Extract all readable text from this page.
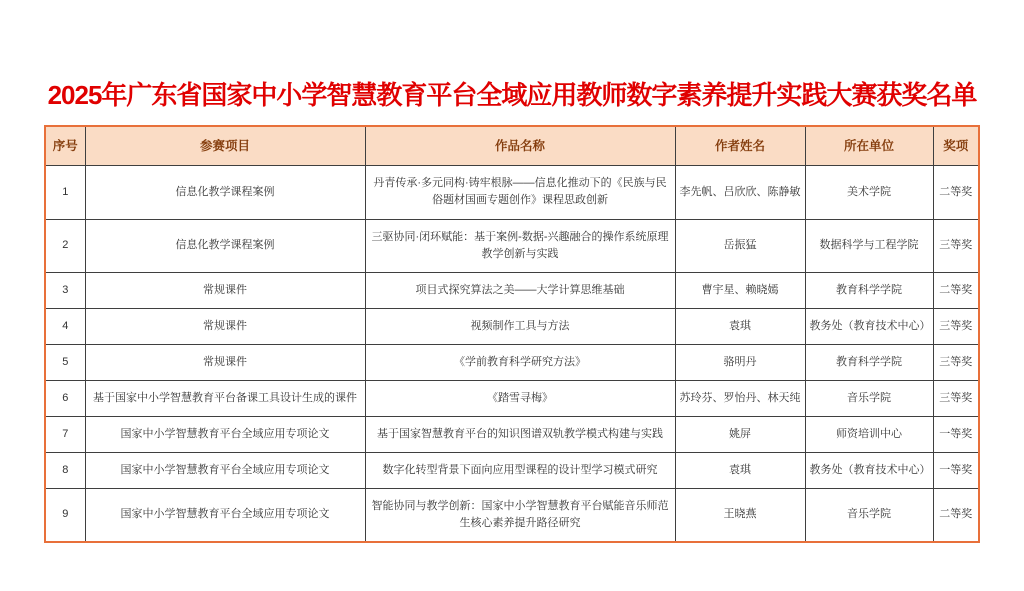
2025年广东省国家中小学智慧教育平台全域应用教师数字素养提升实践大赛获奖名单
序号	参赛项目	作品名称	作者姓名	所在单位	奖项
1	信息化教学课程案例	丹青传承·多元同构·铸牢根脉——信息化推动下的《民族与民俗题材国画专题创作》课程思政创新	李先帆、吕欣欣、陈静敏	美术学院	二等奖
2	信息化教学课程案例	三驱协同·闭环赋能：基于案例-数据-兴趣融合的操作系统原理教学创新与实践	岳振猛	数据科学与工程学院	三等奖
3	常规课件	项目式探究算法之美——大学计算思维基础	曹宇星、赖晓嫣	教育科学学院	二等奖
4	常规课件	视频制作工具与方法	袁琪	教务处（教育技术中心）	三等奖
5	常规课件	《学前教育科学研究方法》	骆明丹	教育科学学院	三等奖
6	基于国家中小学智慧教育平台备课工具设计生成的课件	《踏雪寻梅》	苏玲芬、罗怡丹、林天纯	音乐学院	三等奖
7	国家中小学智慧教育平台全域应用专项论文	基于国家智慧教育平台的知识图谱双轨教学模式构建与实践	姚屏	师资培训中心	一等奖
8	国家中小学智慧教育平台全域应用专项论文	数字化转型背景下面向应用型课程的设计型学习模式研究	袁琪	教务处（教育技术中心）	一等奖
9	国家中小学智慧教育平台全域应用专项论文	智能协同与教学创新：国家中小学智慧教育平台赋能音乐师范生核心素养提升路径研究	王晓燕	音乐学院	二等奖
